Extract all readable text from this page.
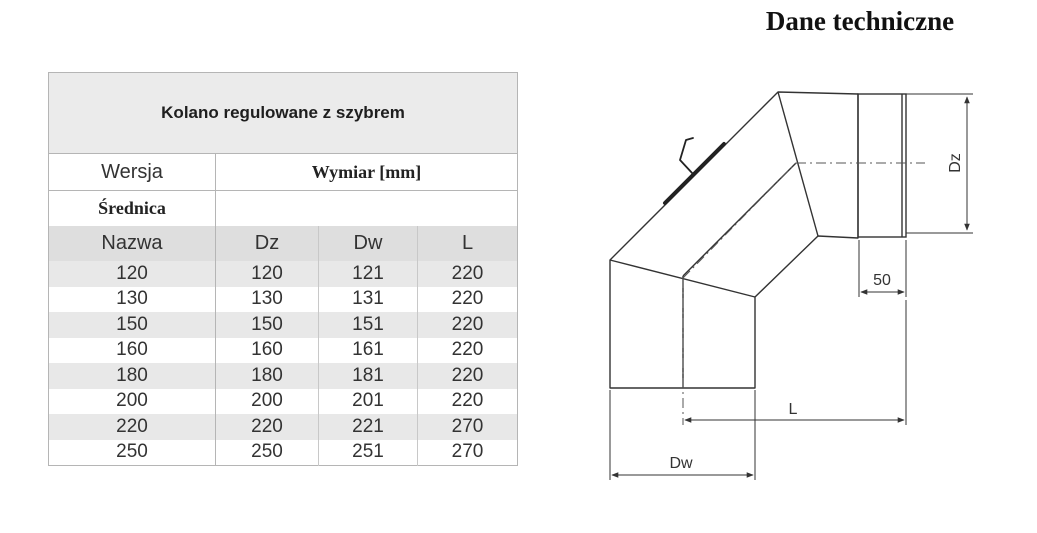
Dane techniczne
Kolano regulowane z szybrem			
Wersja	Wymiar [mm]		
Średnica			
Nazwa	Dz	Dw	L
120	120	121	220
130	130	131	220
150	150	151	220
160	160	161	220
180	180	181	220
200	200	201	220
220	220	221	270
250	250	251	270
Dz
50
L
Dw
